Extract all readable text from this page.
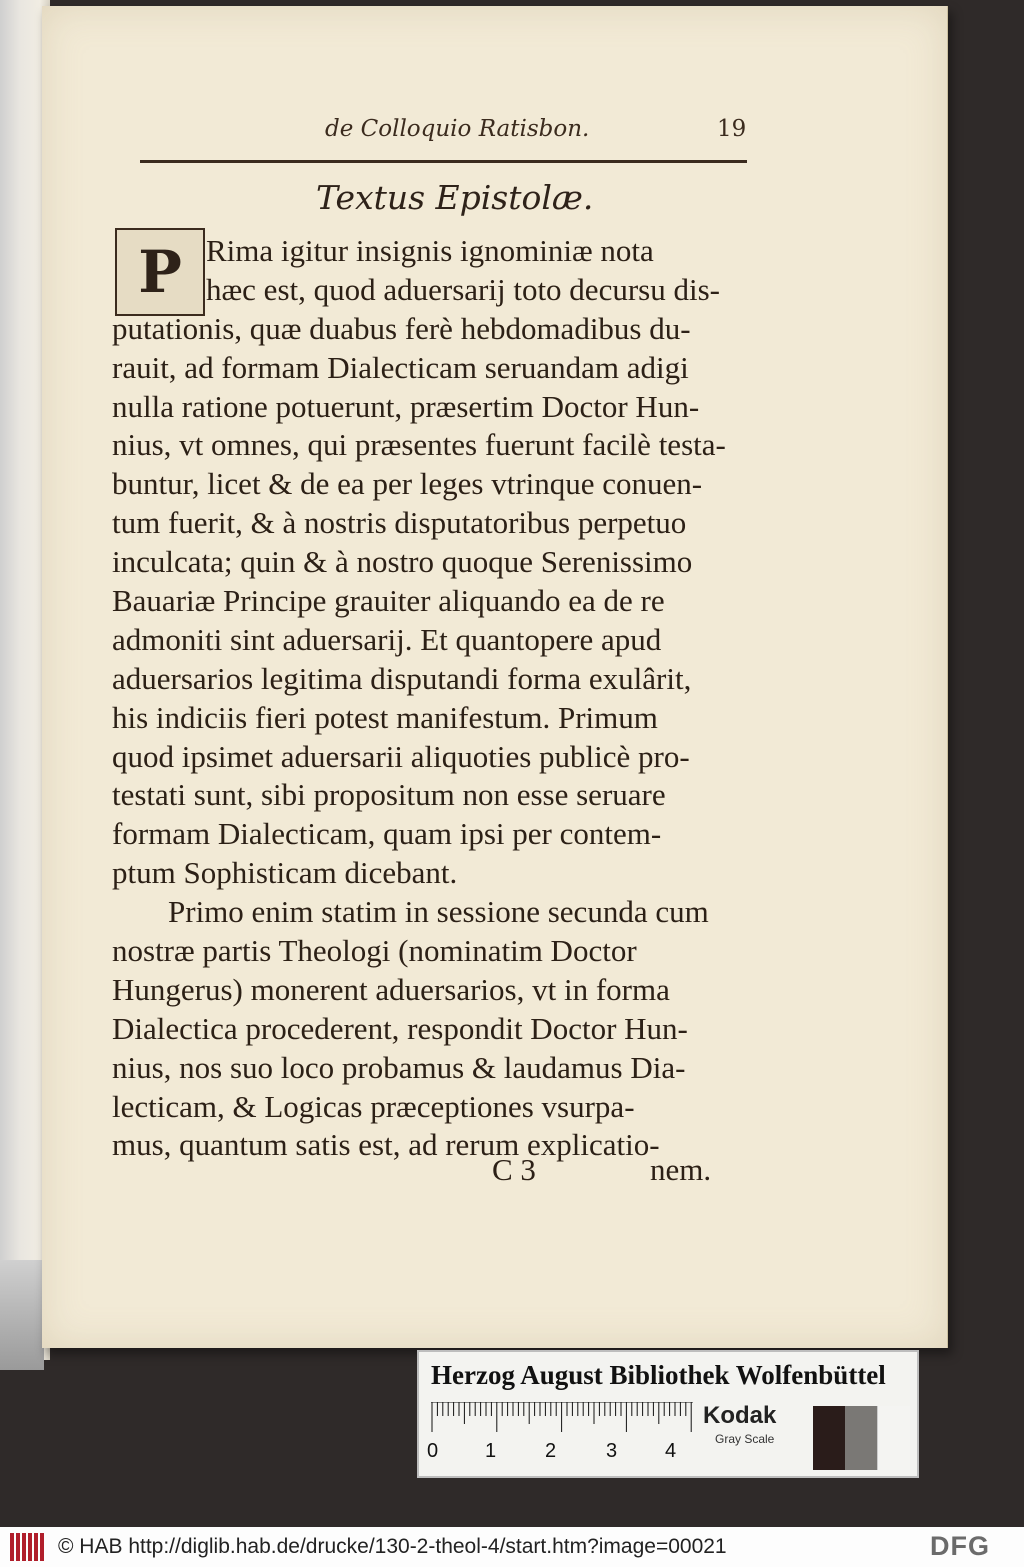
de Colloquio Ratisbon.	19
Textus Epistolæ.
P Rima igitur insignis ignominiæ nota
hæc est, quod aduersarij toto decursu dis-
putationis, quæ duabus ferè hebdomadibus du-
rauit, ad formam Dialecticam seruandam adigi
nulla ratione potuerunt, præsertim Doctor Hun-
nius, vt omnes, qui præsentes fuerunt facilè testa-
buntur, licet & de ea per leges vtrinque conuen-
tum fuerit, & à nostris disputatoribus perpetuo
inculcata; quin & à nostro quoque Serenissimo
Bauariæ Principe grauiter aliquando ea de re
admoniti sint aduersarij. Et quantopere apud
aduersarios legitima disputandi forma exulârit,
his indiciis fieri potest manifestum. Primum
quod ipsimet aduersarii aliquoties publicè pro-
testati sunt, sibi propositum non esse seruare
formam Dialecticam, quam ipsi per contem-
ptum Sophisticam dicebant.
Primo enim statim in sessione secunda cum
nostræ partis Theologi (nominatim Doctor
Hungerus) monerent aduersarios, vt in forma
Dialectica procederent, respondit Doctor Hun-
nius, nos suo loco probamus & laudamus Dia-
lecticam, & Logicas præceptiones vsurpa-
mus, quantum satis est, ad rerum explicatio-
C 3	nem.
Herzog August Bibliothek Wolfenbüttel
0 1 2 3 4
Kodak
Gray Scale
© HAB http://diglib.hab.de/drucke/130-2-theol-4/start.htm?image=00021	DFG
